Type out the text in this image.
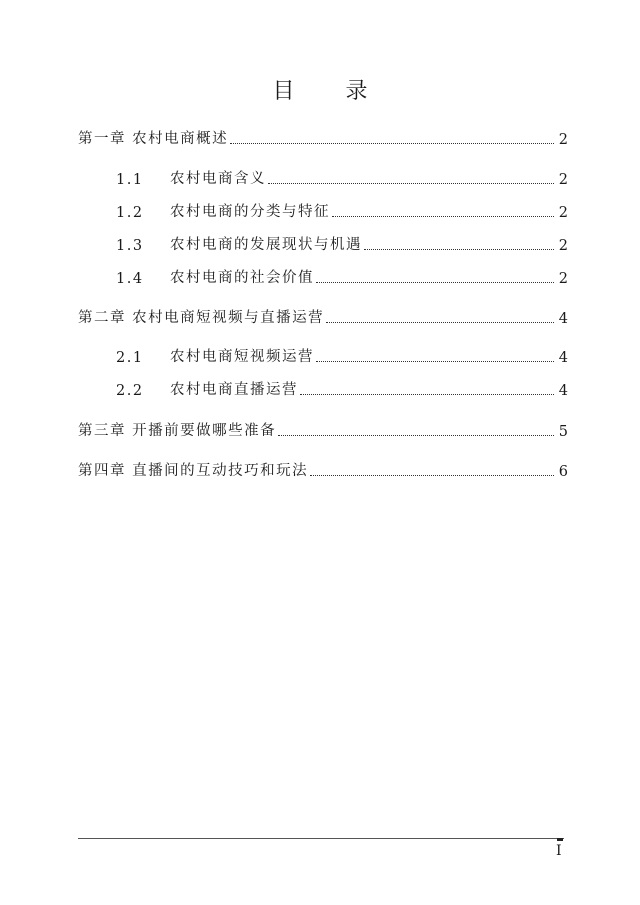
目 录
第一章 农村电商概述	2
1.1	农村电商含义	2
1.2	农村电商的分类与特征	2
1.3	农村电商的发展现状与机遇	2
1.4	农村电商的社会价值	2
第二章 农村电商短视频与直播运营	4
2.1	农村电商短视频运营	4
2.2	农村电商直播运营	4
第三章 开播前要做哪些准备	5
第四章 直播间的互动技巧和玩法	6
I
